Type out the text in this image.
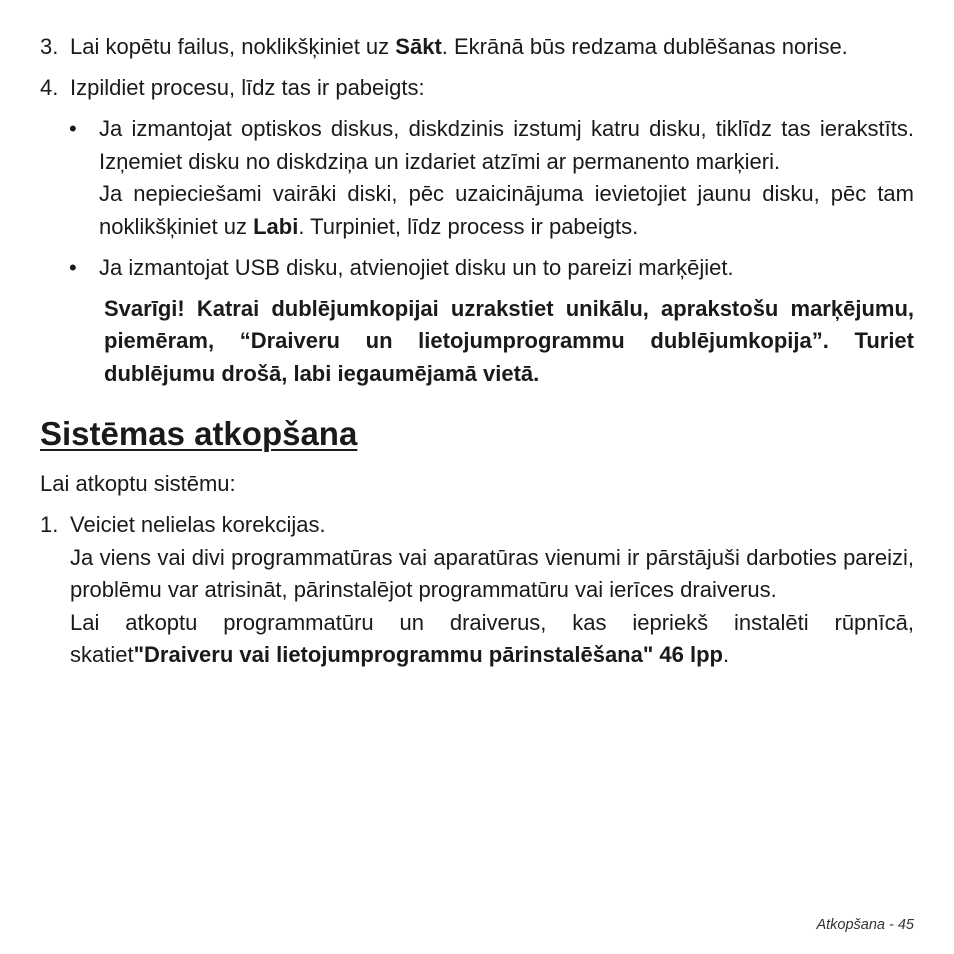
3. Lai kopētu failus, noklikšķiniet uz Sākt. Ekrānā būs redzama dublēšanas norise.

4. Izpildiet procesu, līdz tas ir pabeigts:

•	Ja izmantojat optiskos diskus, diskdzinis izstumj katru disku, tiklīdz tas ierakstīts. Izņemiet disku no diskdziņa un izdariet atzīmi ar permanento marķieri.

Ja nepieciešami vairāki diski, pēc uzaicinājuma ievietojiet jaunu disku, pēc tam noklikšķiniet uz Labi. Turpiniet, līdz process ir pabeigts.

•	Ja izmantojat USB disku, atvienojiet disku un to pareizi marķējiet.

Svarīgi! Katrai dublējumkopijai uzrakstiet unikālu, aprakstošu marķējumu, piemēram, “Draiveru un lietojumprogrammu dublējumkopija”. Turiet dublējumu drošā, labi iegaumējamā vietā.

Sistēmas atkopšana

Lai atkoptu sistēmu:

1. Veiciet nelielas korekcijas.

Ja viens vai divi programmatūras vai aparatūras vienumi ir pārstājuši darboties pareizi, problēmu var atrisināt, pārinstalējot programmatūru vai ierīces draiverus.

Lai atkoptu programmatūru un draiverus, kas iepriekš instalēti rūpnīcā, skatiet"Draiveru vai lietojumprogrammu pārinstalēšana" 46 lpp.

Atkopšana - 45
